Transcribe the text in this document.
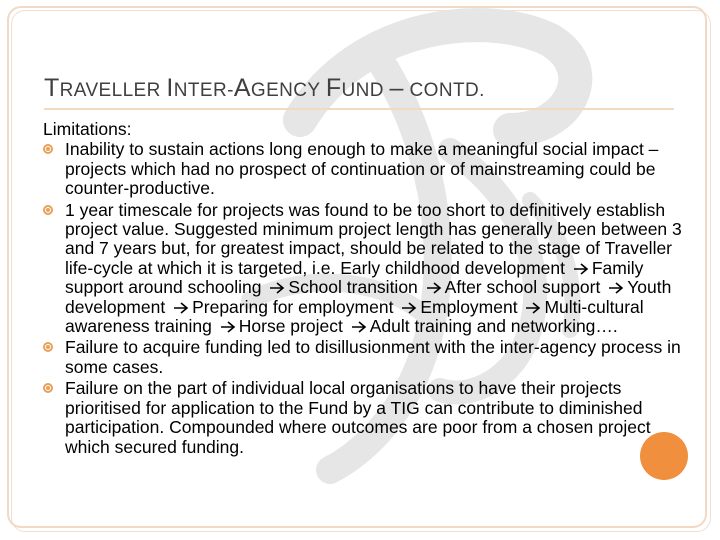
TRAVELLER INTER-AGENCY FUND – CONTD.

Limitations:

Inability to sustain actions long enough to make a meaningful social impact – projects which had no prospect of continuation or of mainstreaming could be counter-productive.
1 year timescale for projects was found to be too short to definitively establish project value. Suggested minimum project length has generally been between 3 and 7 years but, for greatest impact, should be related to the stage of Traveller life-cycle at which it is targeted, i.e. Early childhood development Family support around schooling School transition After school support Youth development Preparing for employment Employment Multi-cultural awareness training Horse project Adult training and networking….
Failure to acquire funding led to disillusionment with the inter-agency process in some cases.
Failure on the part of individual local organisations to have their projects prioritised for application to the Fund by a TIG can contribute to diminished participation. Compounded where outcomes are poor from a chosen project which secured funding.
